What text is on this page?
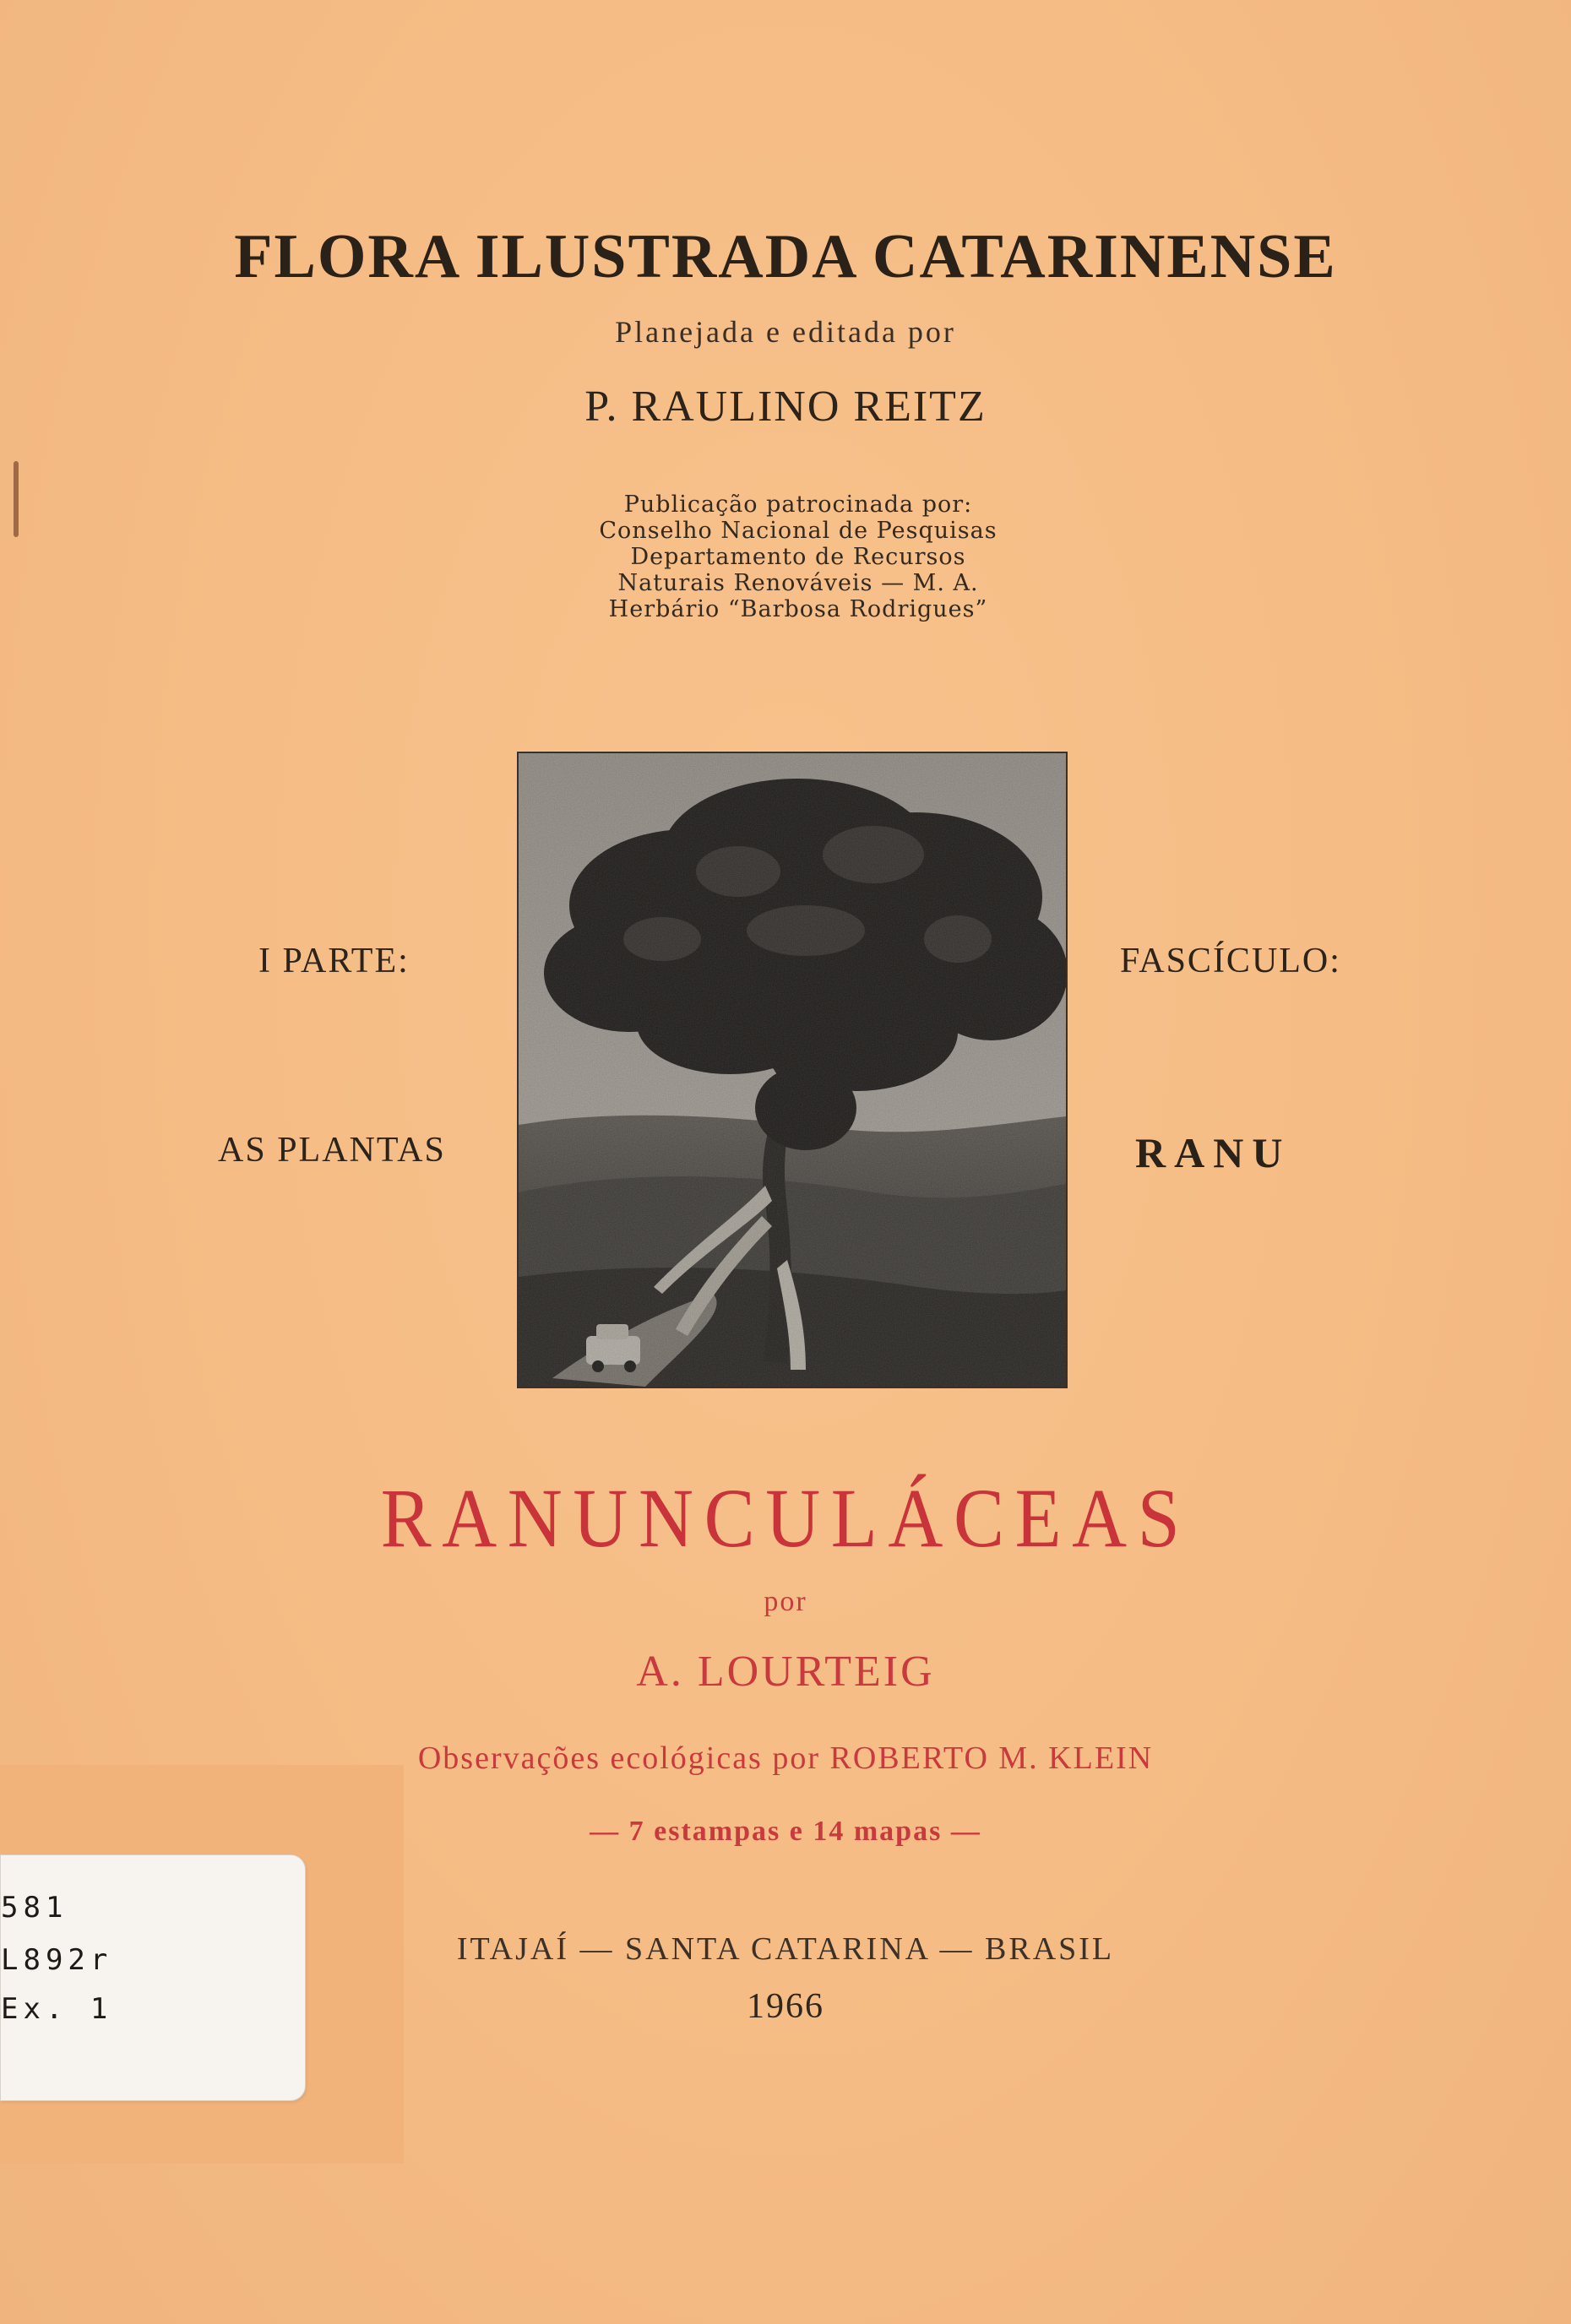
FLORA ILUSTRADA CATARINENSE
Planejada e editada por
P. RAULINO REITZ
Publicação patrocinada por:
Conselho Nacional de Pesquisas
Departamento de Recursos
Naturais Renováveis — M. A.
Herbário “Barbosa Rodrigues”
I PARTE:
AS PLANTAS
FASCÍCULO:
RANU
RANUNCULÁCEAS
por
A. LOURTEIG
Observações ecológicas por ROBERTO M. KLEIN
— 7 estampas e 14 mapas —
ITAJAÍ — SANTA CATARINA — BRASIL
1966
581
L892r
Ex. 1
